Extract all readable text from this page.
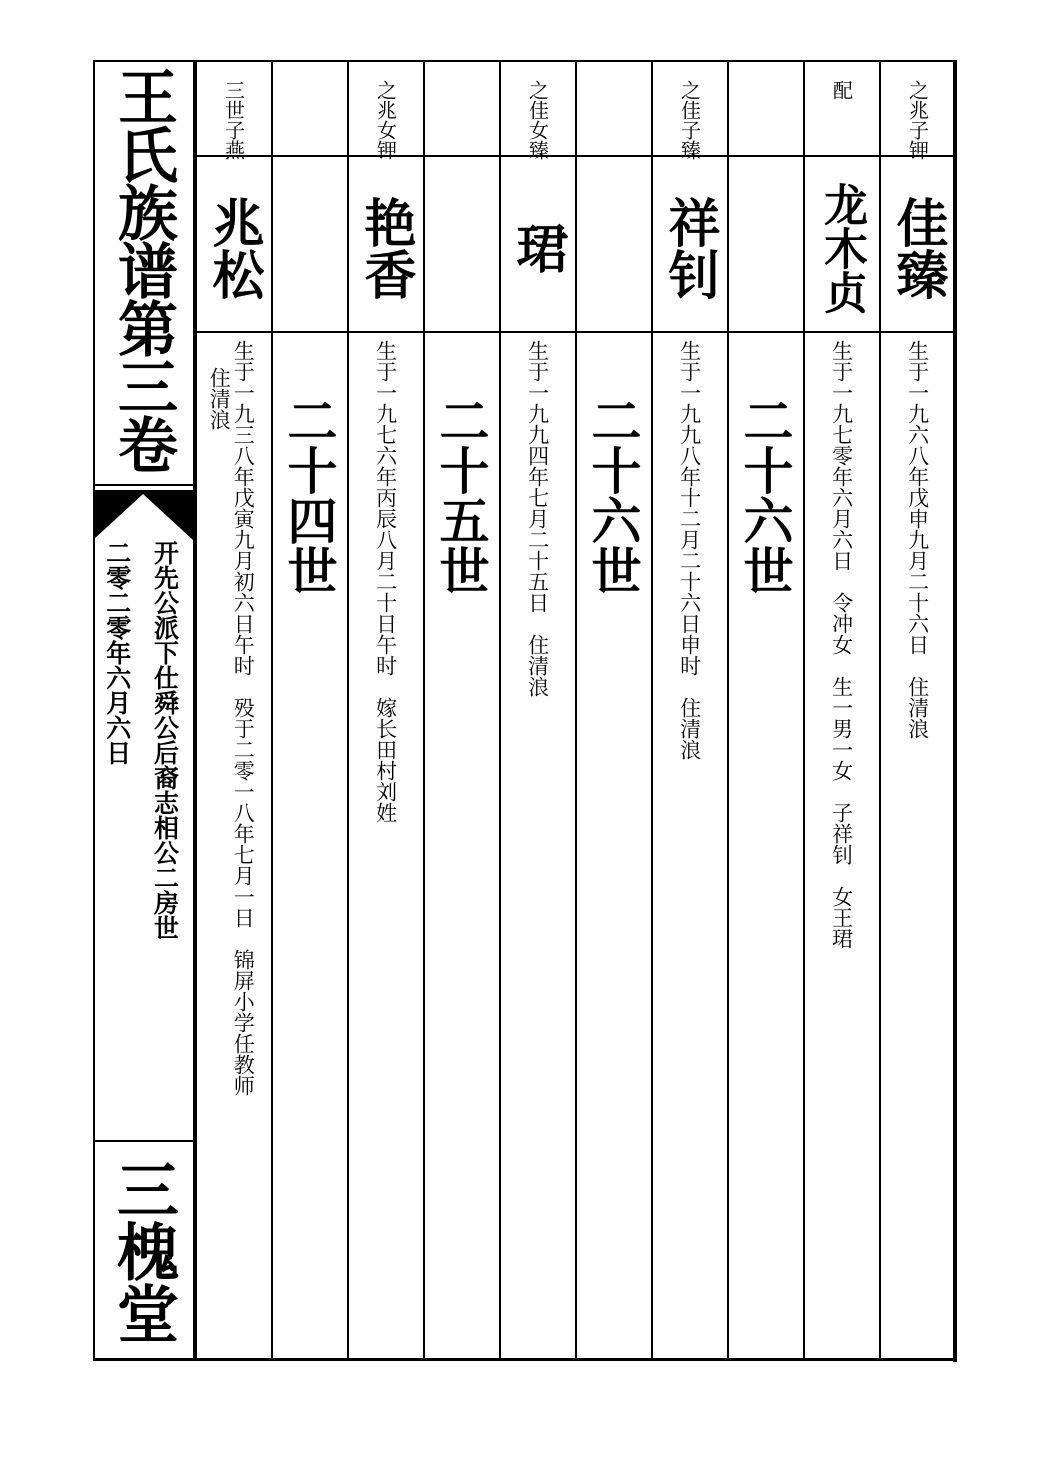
王氏族谱第三卷
开先公派下仕舜公后裔志相公二房世
二零二零年六月六日
三槐堂
之兆子钾
佳臻
生于一九六八年戊申九月二十六日　住清浪
配
龙木贞
生于一九七零年六月六日　令冲女　生一男一女　子祥钊　女王珺
二十六世
之佳子臻
祥钊
生于一九九八年十二月二十六日申时　住清浪
二十六世
之佳女臻
珺
生于一九九四年七月二十五日　住清浪
二十五世
之兆女钾
艳香
生于一九七六年丙辰八月二十日午时　嫁长田村刘姓
二十四世
三世子燕
兆松
生于一九三八年戊寅九月初六日午时　殁于二零一八年七月一日　锦屏小学任教师
住清浪
